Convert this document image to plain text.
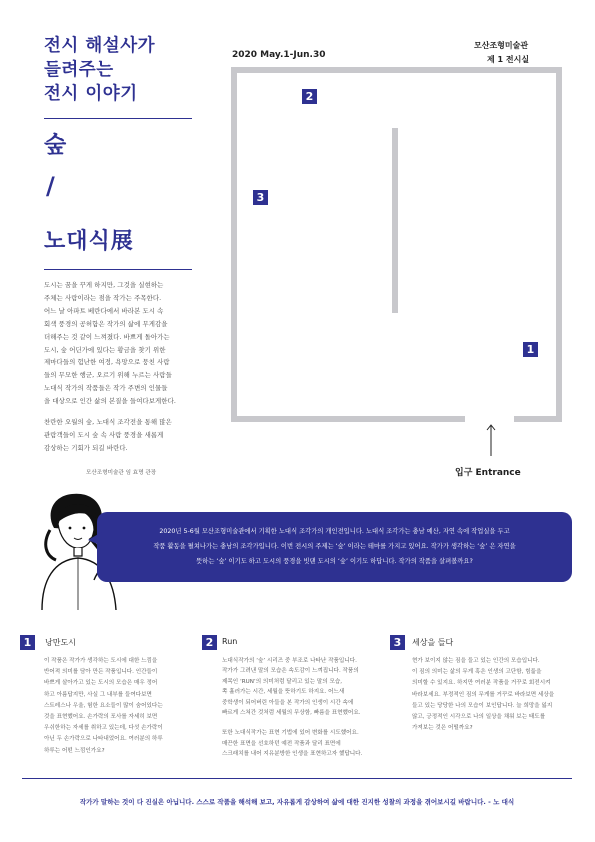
전시 해설사가
들려주는
전시 이야기
숲
/
노대식展
2020 May.1-Jun.30
모산조형미술관
제 1 전시실
2
3
1
입구 Entrance
도시는 꿈을 꾸게 하지만, 그것을 실현하는
주체는 사람이라는 점을 작가는 주목한다.
어느 날 아파트 베란다에서 바라본 도시 속
회색 풍경의 공허함은 작가의 삶에 무게감을
더해주는 것 같이 느껴졌다. 바쁘게 돌아가는
도시, 숲 어딘가에 있다는 황금을 찾기 위한
제마다들의 험난한 여정, 욕망으로 뭉친 사람
들의 무모한 행군, 오르기 위해 누르는 사람들
노대식 작가의 작품들은 작가 주변의 인물들
을 대상으로 인간 삶의 본질을 들여다보게한다.
찬란한 오월의 숲, 노대식 조각전을 통해 많은
관람객들이 도시 숲 속 사람 풍경을 새롭게
감상하는 기회가 되길 바란다.
모산조형미술관 임 효명 관장
2020년 5-6월 모산조형미술관에서 기획한 노대식 조각가의 개인전입니다. 노대식 조각가는 충남 예산, 자연 속에 작업실을 두고
작품 활동을 펼쳐나가는 충남의 조각가입니다. 이번 전시의 주제는 ‘숲’ 이라는 테마를 가지고 있어요. 작가가 생각하는 ‘숲’ 은 자연을
뜻하는 ‘숲’ 이기도 하고 도시의 풍경을 빗댄 도시의 ‘숲’ 이기도 하답니다. 작가의 작품을 살펴볼까요?
1	낭만도시
이 작품은 작가가 생각하는 도시에 대한 느낌을
반어적 의미를 담아 만든 작품입니다. 인간들이
바쁘게 살아가고 있는 도시의 모습은 매우 정어
하고 아름답지만, 사실 그 내부를 들여다보면
스트레스나 우울, 험한 요소들이 많이 숨어있다는
것을 표현했어요. 손가락의 포사를 자세히 보면
우쉬한하는 자세를 취하고 있는데, 다섯 손가락이
아닌 두 손가락으로 나타내었어요. 여러분의 하루
하루는 어떤 느낌인가요?
2	Run
노대식작가의 ‘숲’ 시리즈 중 부조로 나타난 작품입니다.
작가가 그려낸 말의 모습은 속도감이 느껴집니다. 작품의
제목인 ‘RUN’의 의미처럼 달리고 있는 말의 모습,
쪽 흘러가는 시간, 세월을 뜻하기도 하지요. 어느새
중학생이 되어버린 아들을 본 작가의 인생이 시간 속에
빠르게 스쳐간 것처럼 세월의 무상함, 빠름을 표현했어요.
또한 노대식작가는 표현 기법에 있어 변화를 시도했어요.
매끈한 표면을 선호하던 예전 작품과 달리 표면에
스크래치를 내어 지유분방한 인생을 표현하고자 했답니다.
3	세상을 들다
현가 보이지 않는 짐을 들고 있는 인간의 모습입니다.
이 짐의 의미는 삶의 무게 혹은 인생의 고단함, 힘듦을
의미할 수 있지요. 하지만 여러분 작품을 거꾸로 회전시켜
바라보세요. 부정적인 짐의 무게를 거꾸로 바라보면 세상을
들고 있는 당당한 나의 모습이 보인답니다. 늘 희망을 잃지
않고, 긍정적인 시각으로 나의 일상을 채워 보는 태도를
가져보는 것은 어떨까요?
작가가 말하는 것이 다 진실은 아닙니다. 스스로 작품을 해석해 보고, 자유롭게 감상하여 삶에 대한 진지한 성찰의 과정을 겪어보시길 바랍니다. - 노 대식
